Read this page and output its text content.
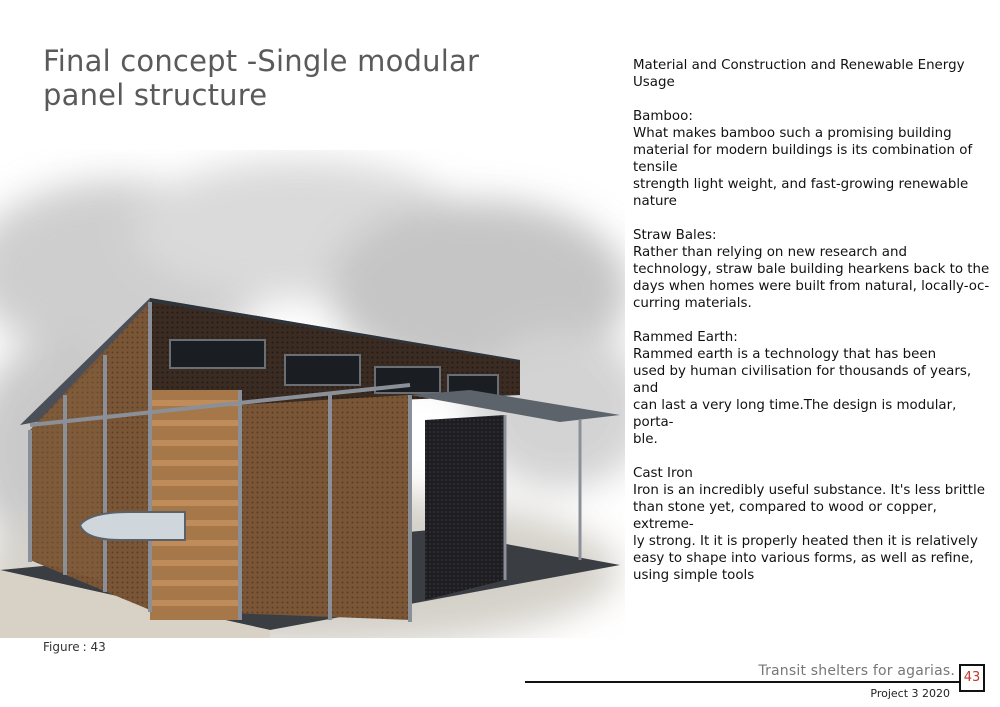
Final concept -Single modular panel structure
Figure : 43
Material and Construction and Renewable Energy Usage
Bamboo:
What makes bamboo such a promising building
material for modern buildings is its combination of
tensile
strength light weight, and fast-growing renewable
nature
Straw Bales:
Rather than relying on new research and
technology, straw bale building hearkens back to the
days when homes were built from natural, locally-oc-
curring materials.
Rammed Earth:
Rammed earth is a technology that has been
used by human civilisation for thousands of years, and
can last a very long time.The design is modular, porta-
ble.
Cast Iron
Iron is an incredibly useful substance. It's less brittle
than stone yet, compared to wood or copper, extreme-
ly strong. It it is properly heated then it is relatively
easy to shape into various forms, as well as refine,
using simple tools
Transit shelters for agarias.
Project 3 2020
43
